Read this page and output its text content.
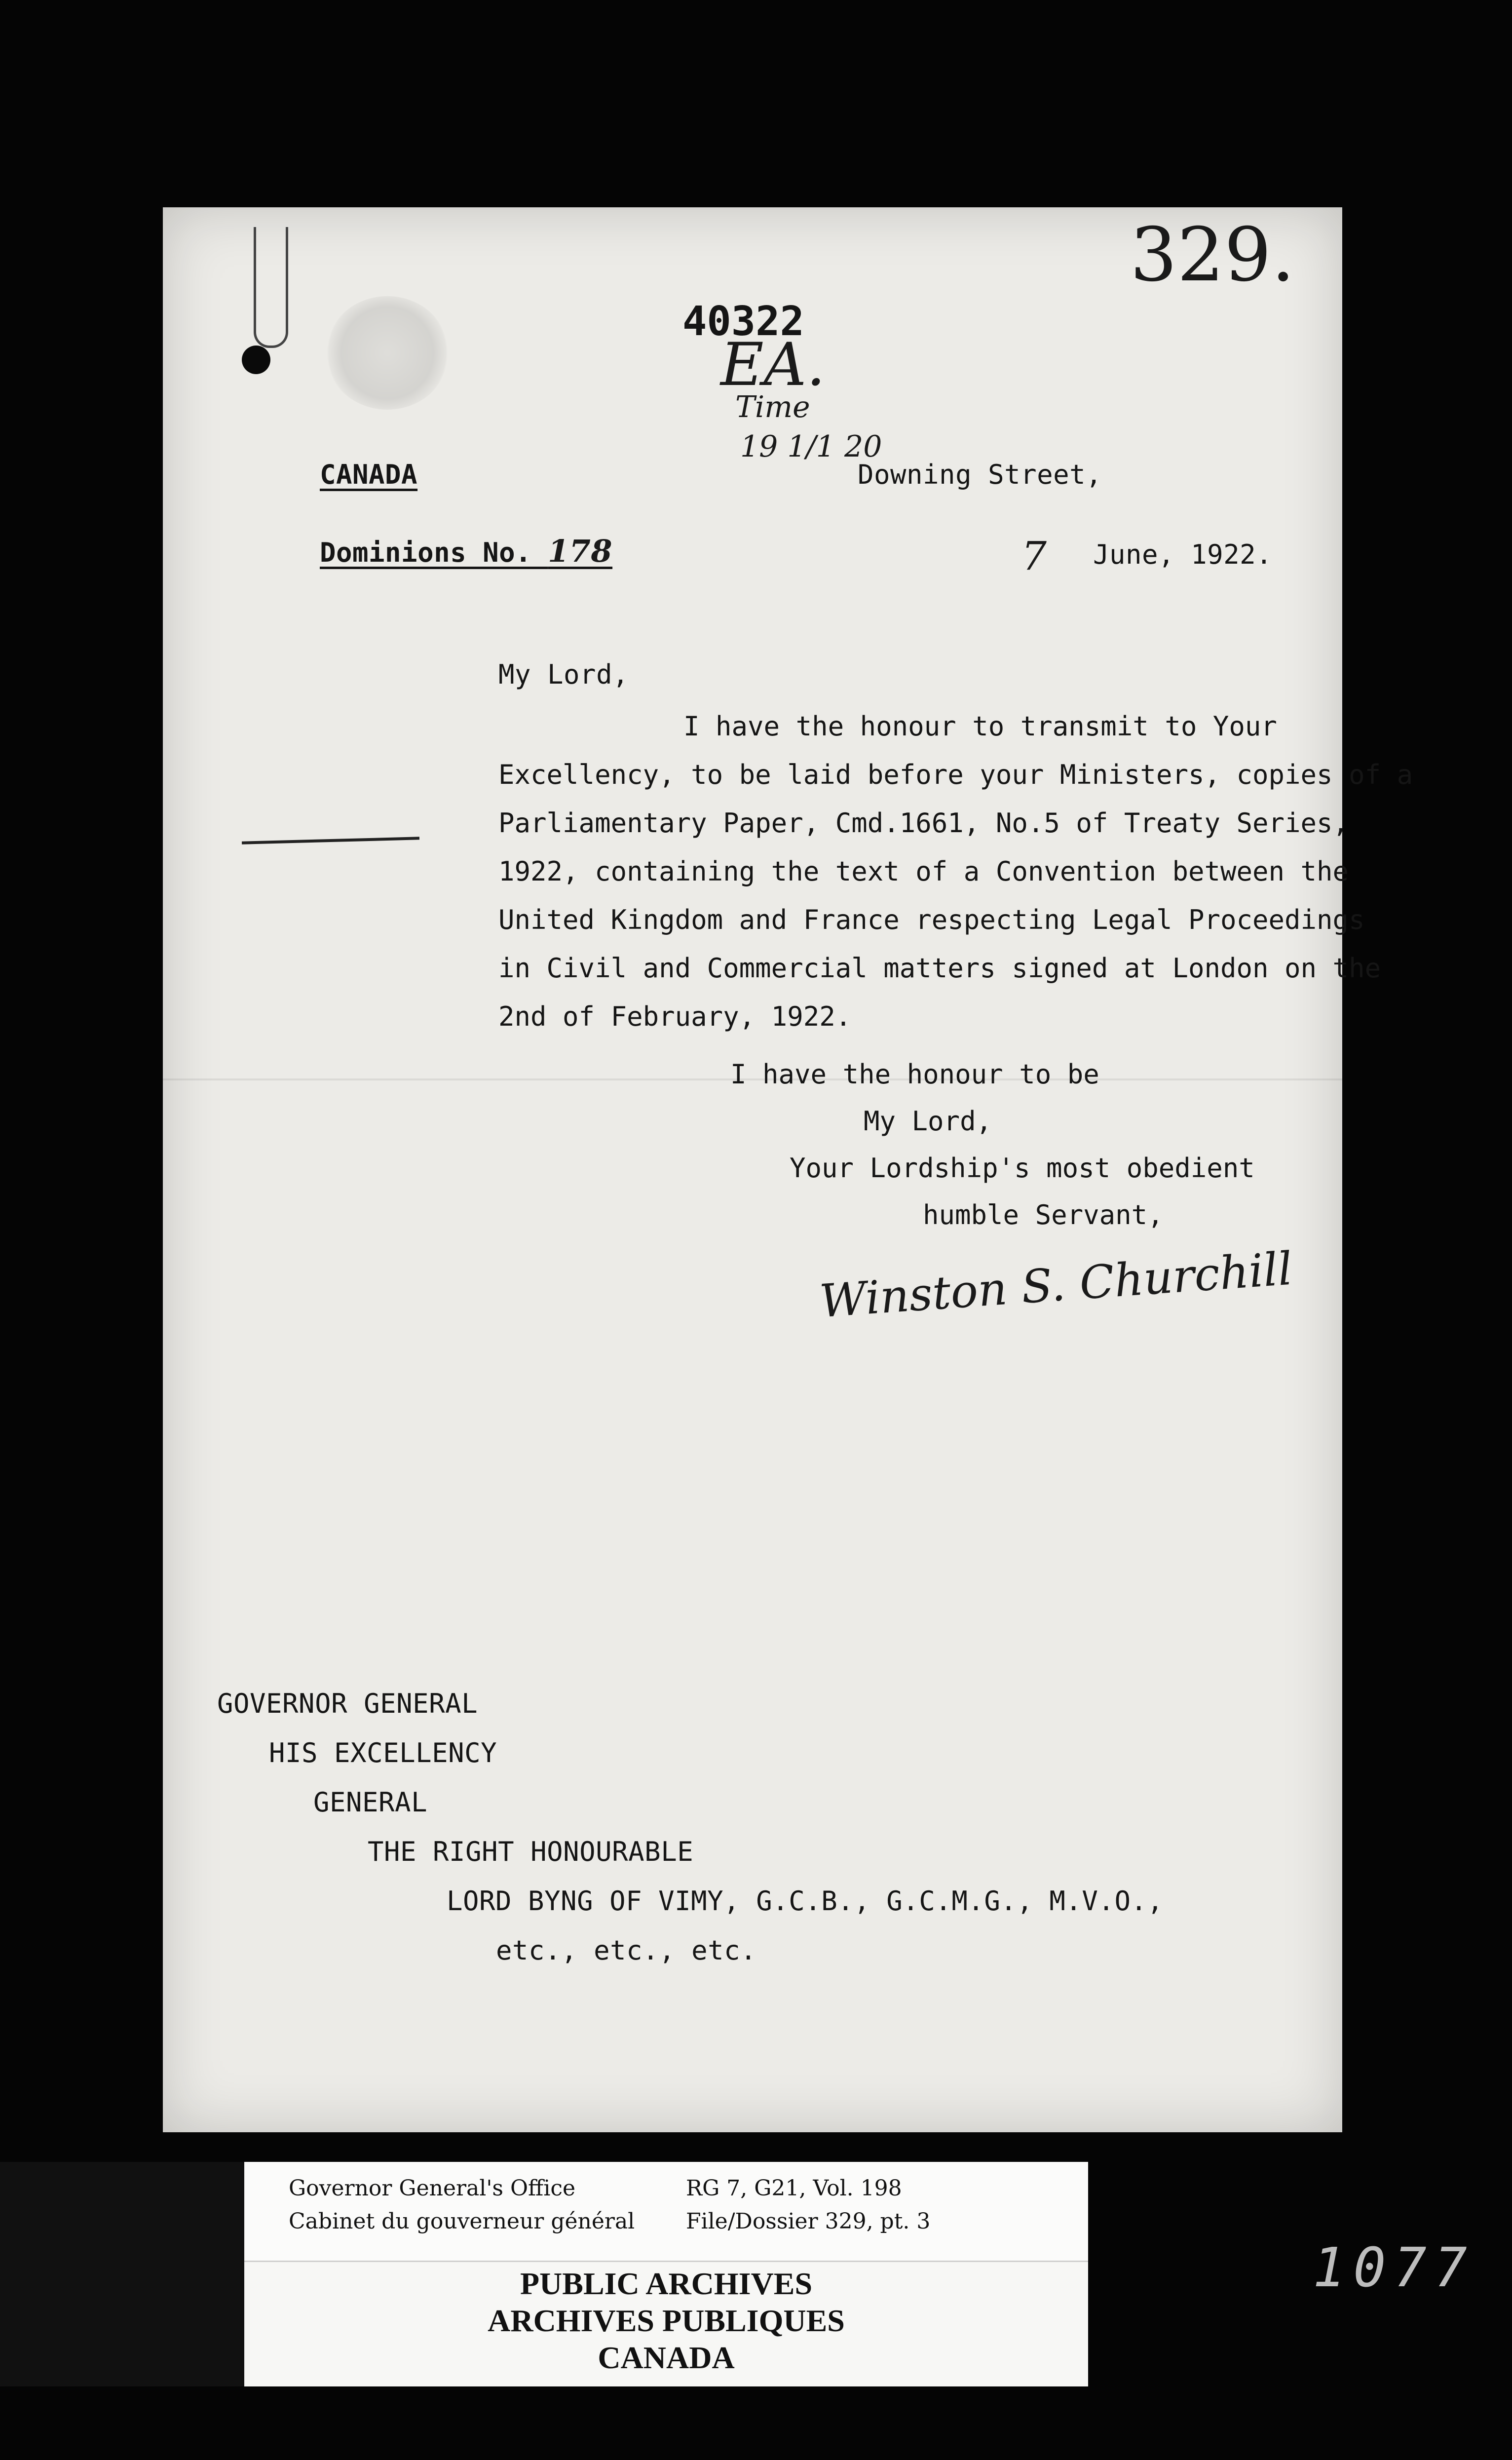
329.
40322
EA.
Time
19 1/1 20
CANADA	Downing Street,
Dominions No. 178	7 June, 1922.
My Lord,
I have the honour to transmit to Your
Excellency, to be laid before your Ministers, copies of a
Parliamentary Paper, Cmd.1661, No.5 of Treaty Series,
1922, containing the text of a Convention between the
United Kingdom and France respecting Legal Proceedings
in Civil and Commercial matters signed at London on the
2nd of February, 1922.
I have the honour to be
My Lord,
Your Lordship's most obedient
humble Servant,
Winston S. Churchill
GOVERNOR GENERAL
HIS EXCELLENCY
GENERAL
THE RIGHT HONOURABLE
LORD BYNG OF VIMY, G.C.B., G.C.M.G., M.V.O.,
etc., etc., etc.
Governor General's Office
Cabinet du gouverneur général
RG 7, G21, Vol. 198
File/Dossier 329, pt. 3
PUBLIC ARCHIVES
ARCHIVES PUBLIQUES
CANADA
1077
